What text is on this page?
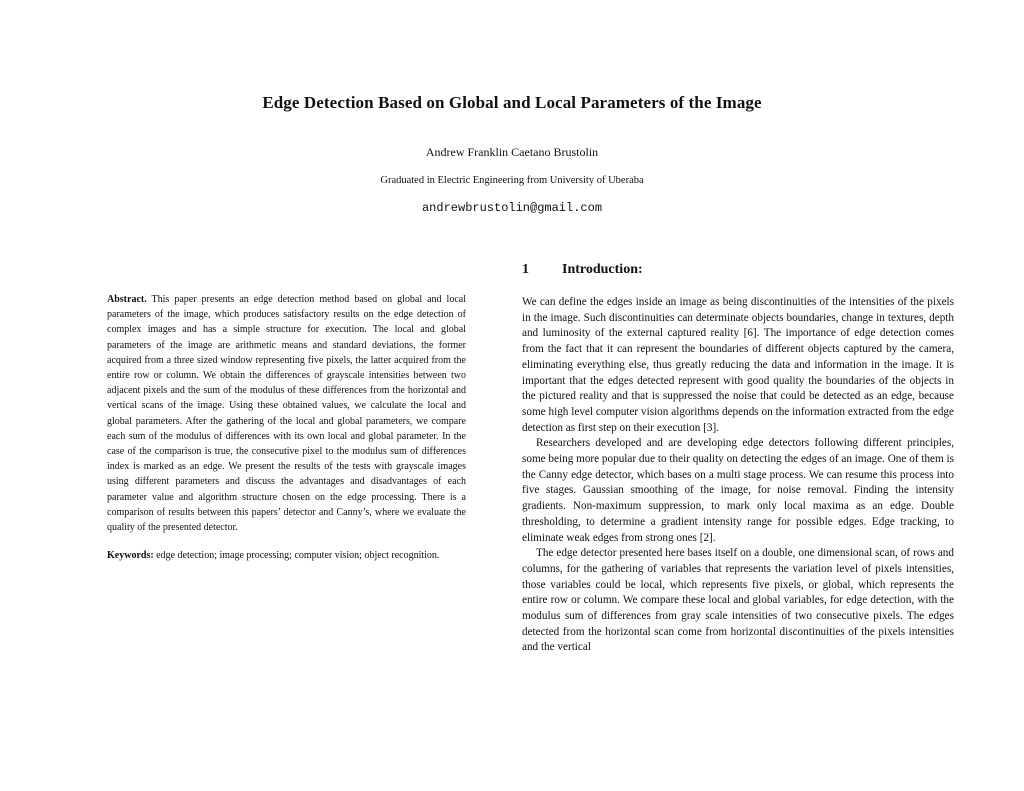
Edge Detection Based on Global and Local Parameters of the Image
Andrew Franklin Caetano Brustolin
Graduated in Electric Engineering from University of Uberaba
andrewbrustolin@gmail.com
Abstract. This paper presents an edge detection method based on global and local parameters of the image, which produces satisfactory results on the edge detection of complex images and has a simple structure for execution. The local and global parameters of the image are arithmetic means and standard deviations, the former acquired from a three sized window representing five pixels, the latter acquired from the entire row or column. We obtain the differences of grayscale intensities between two adjacent pixels and the sum of the modulus of these differences from the horizontal and vertical scans of the image. Using these obtained values, we calculate the local and global parameters. After the gathering of the local and global parameters, we compare each sum of the modulus of differences with its own local and global parameter. In the case of the comparison is true, the consecutive pixel to the modulus sum of differences index is marked as an edge. We present the results of the tests with grayscale images using different parameters and discuss the advantages and disadvantages of each parameter value and algorithm structure chosen on the edge processing. There is a comparison of results between this papers’ detector and Canny’s, where we evaluate the quality of the presented detector.
Keywords: edge detection; image processing; computer vision; object recognition.
1 Introduction:

We can define the edges inside an image as being discontinuities of the intensities of the pixels in the image. Such discontinuities can determinate objects boundaries, change in textures, depth and luminosity of the external captured reality [6]. The importance of edge detection comes from the fact that it can represent the boundaries of different objects captured by the camera, eliminating everything else, thus greatly reducing the data and information in the image. It is important that the edges detected represent with good quality the boundaries of the objects in the pictured reality and that is suppressed the noise that could be detected as an edge, because some high level computer vision algorithms depends on the information extracted from the edge detection as first step on their execution [3].

Researchers developed and are developing edge detectors following different principles, some being more popular due to their quality on detecting the edges of an image. One of them is the Canny edge detector, which bases on a multi stage process. We can resume this process into five stages. Gaussian smoothing of the image, for noise removal. Finding the intensity gradients. Non-maximum suppression, to mark only local maxima as an edge. Double thresholding, to determine a gradient intensity range for possible edges. Edge tracking, to eliminate weak edges from strong ones [2].

The edge detector presented here bases itself on a double, one dimensional scan, of rows and columns, for the gathering of variables that represents the variation level of pixels intensities, those variables could be local, which represents five pixels, or global, which represents the entire row or column. We compare these local and global variables, for edge detection, with the modulus sum of differences from gray scale intensities of two consecutive pixels. The edges detected from the horizontal scan come from horizontal discontinuities of the pixels intensities and the vertical
